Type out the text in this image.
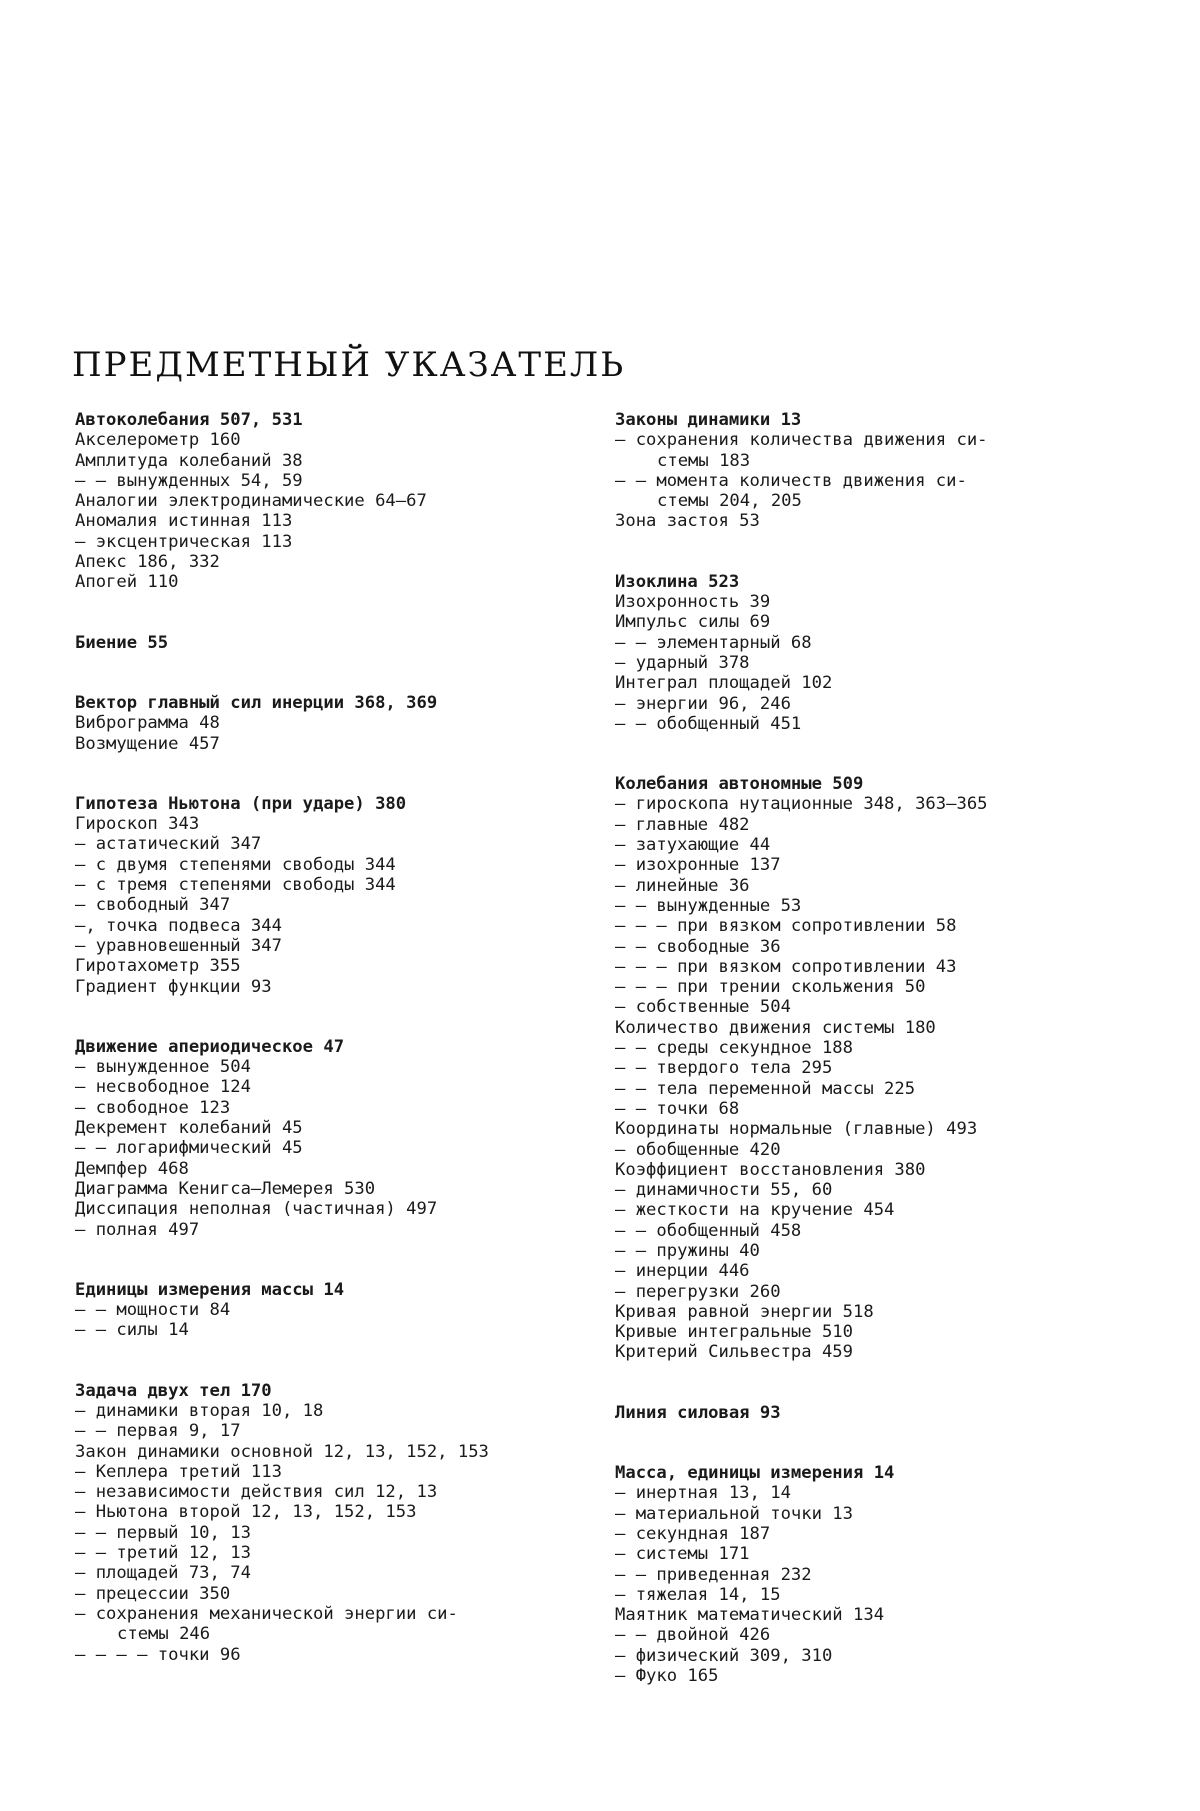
ПРЕДМЕТНЫЙ УКАЗАТЕЛЬ
Автоколебания 507, 531
Акселерометр 160
Амплитуда колебаний 38
— — вынужденных 54, 59
Аналогии электродинамические 64—67
Аномалия истинная 113
— эксцентрическая 113
Апекс 186, 332
Апогей 110
Биение 55
Вектор главный сил инерции 368, 369
Виброграмма 48
Возмущение 457
Гипотеза Ньютона (при ударе) 380
Гироскоп 343
— астатический 347
— с двумя степенями свободы 344
— с тремя степенями свободы 344
— свободный 347
—, точка подвеса 344
— уравновешенный 347
Гиротахометр 355
Градиент функции 93
Движение апериодическое 47
— вынужденное 504
— несвободное 124
— свободное 123
Декремент колебаний 45
— — логарифмический 45
Демпфер 468
Диаграмма Кенигса—Лемерея 530
Диссипация неполная (частичная) 497
— полная 497
Единицы измерения массы 14
— — мощности 84
— — силы 14
Задача двух тел 170
— динамики вторая 10, 18
— — первая 9, 17
Закон динамики основной 12, 13, 152, 153
— Кеплера третий 113
— независимости действия сил 12, 13
— Ньютона второй 12, 13, 152, 153
— — первый 10, 13
— — третий 12, 13
— площадей 73, 74
— прецессии 350
— сохранения механической энергии си-
стемы 246
— — — — точки 96
Законы динамики 13
— сохранения количества движения си-
стемы 183
— — момента количеств движения си-
стемы 204, 205
Зона застоя 53
Изоклина 523
Изохронность 39
Импульс силы 69
— — элементарный 68
— ударный 378
Интеграл площадей 102
— энергии 96, 246
— — обобщенный 451
Колебания автономные 509
— гироскопа нутационные 348, 363—365
— главные 482
— затухающие 44
— изохронные 137
— линейные 36
— — вынужденные 53
— — — при вязком сопротивлении 58
— — свободные 36
— — — при вязком сопротивлении 43
— — — при трении скольжения 50
— собственные 504
Количество движения системы 180
— — среды секундное 188
— — твердого тела 295
— — тела переменной массы 225
— — точки 68
Координаты нормальные (главные) 493
— обобщенные 420
Коэффициент восстановления 380
— динамичности 55, 60
— жесткости на кручение 454
— — обобщенный 458
— — пружины 40
— инерции 446
— перегрузки 260
Кривая равной энергии 518
Кривые интегральные 510
Критерий Сильвестра 459
Линия силовая 93
Масса, единицы измерения 14
— инертная 13, 14
— материальной точки 13
— секундная 187
— системы 171
— — приведенная 232
— тяжелая 14, 15
Маятник математический 134
— — двойной 426
— физический 309, 310
— Фуко 165
